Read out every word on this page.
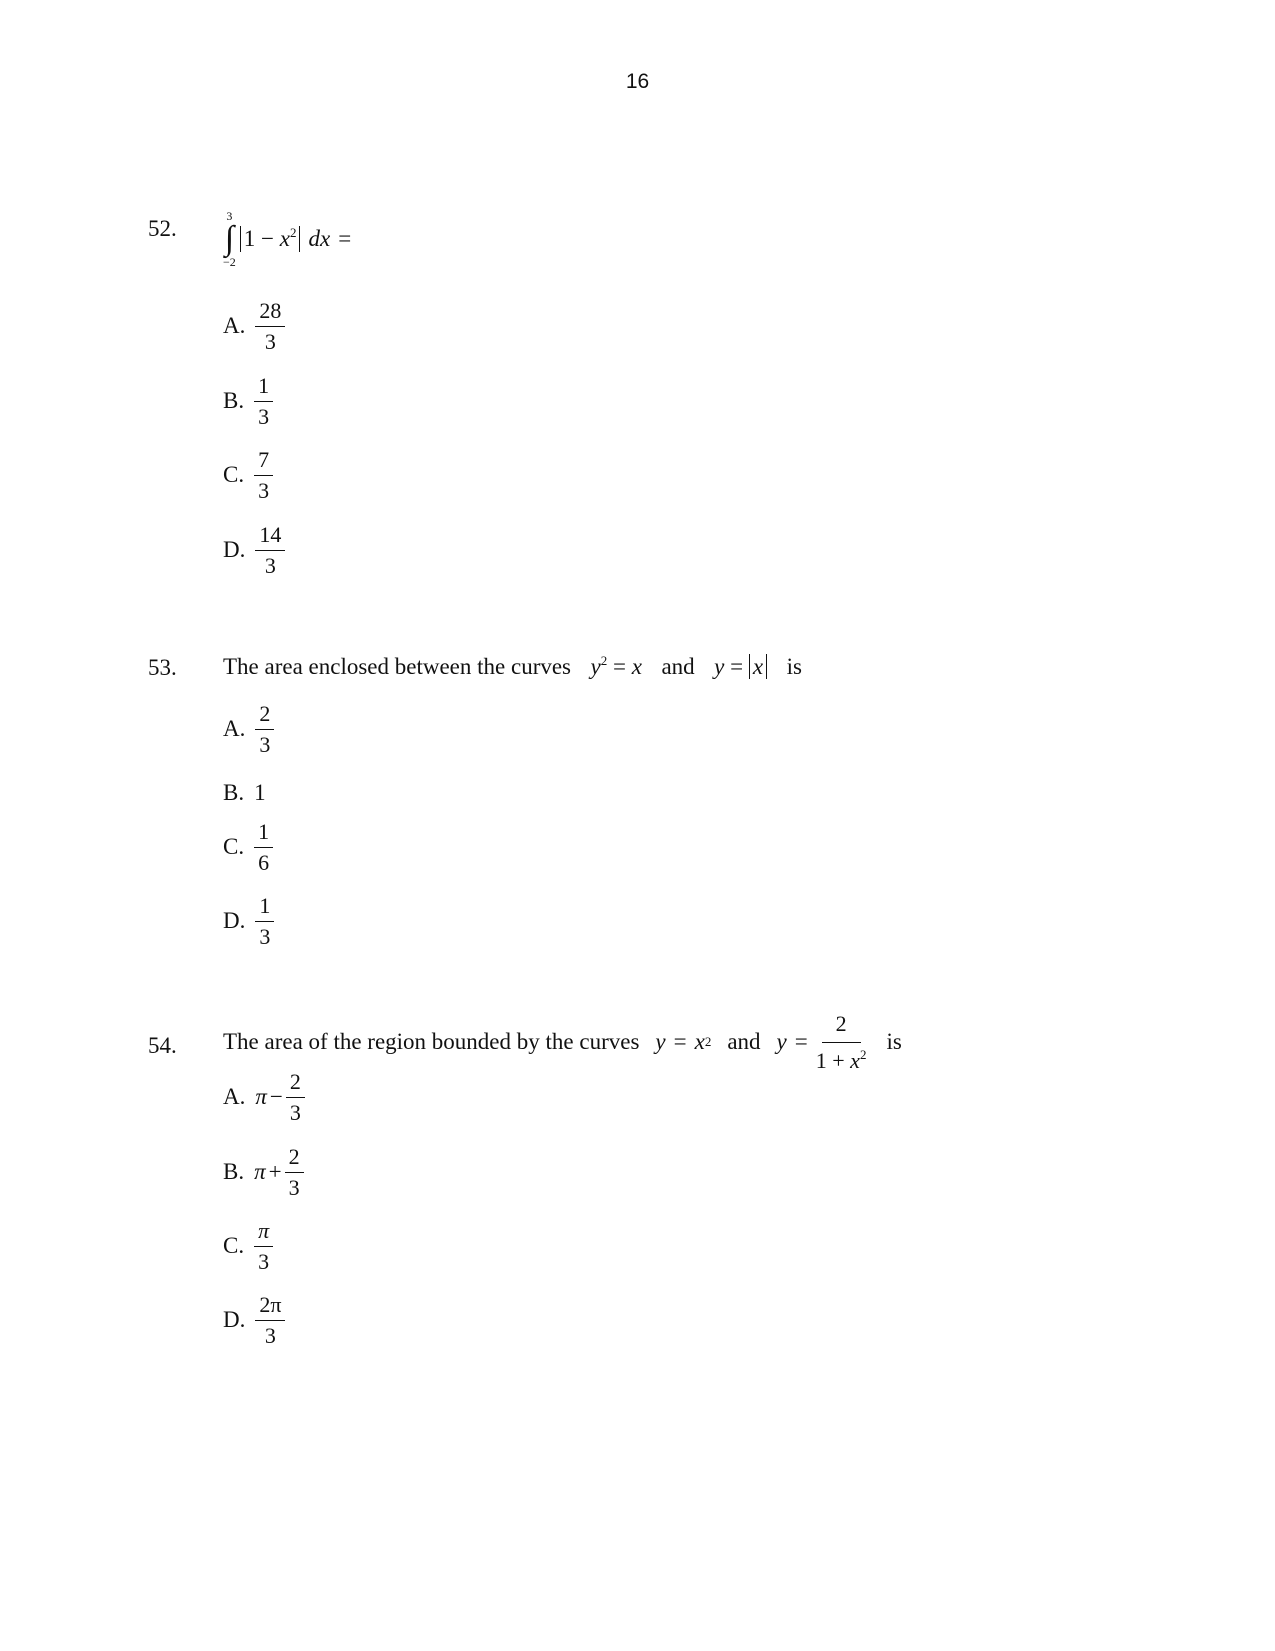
16
52.	3
∫
−2
$1 - x^2$ dx =
A. $\frac{28}{3}$
B. $\frac{1}{3}$
C. $\frac{7}{3}$
D. $\frac{14}{3}$
53. The area enclosed between the curves $y^2 = x$ and y = x is
A. $\frac{2}{3}$
B. 1
C. $\frac{1}{6}$
D. $\frac{1}{3}$
54. The area of the region bounded by the curves y = x 2 and $y = \frac{2}{1 + x^2}$ is
A. $\pi - \frac{2}{3}$
B. $\pi + \frac{2}{3}$
C. $\frac{\pi}{3}$
D. $\frac{2\pi}{3}$
